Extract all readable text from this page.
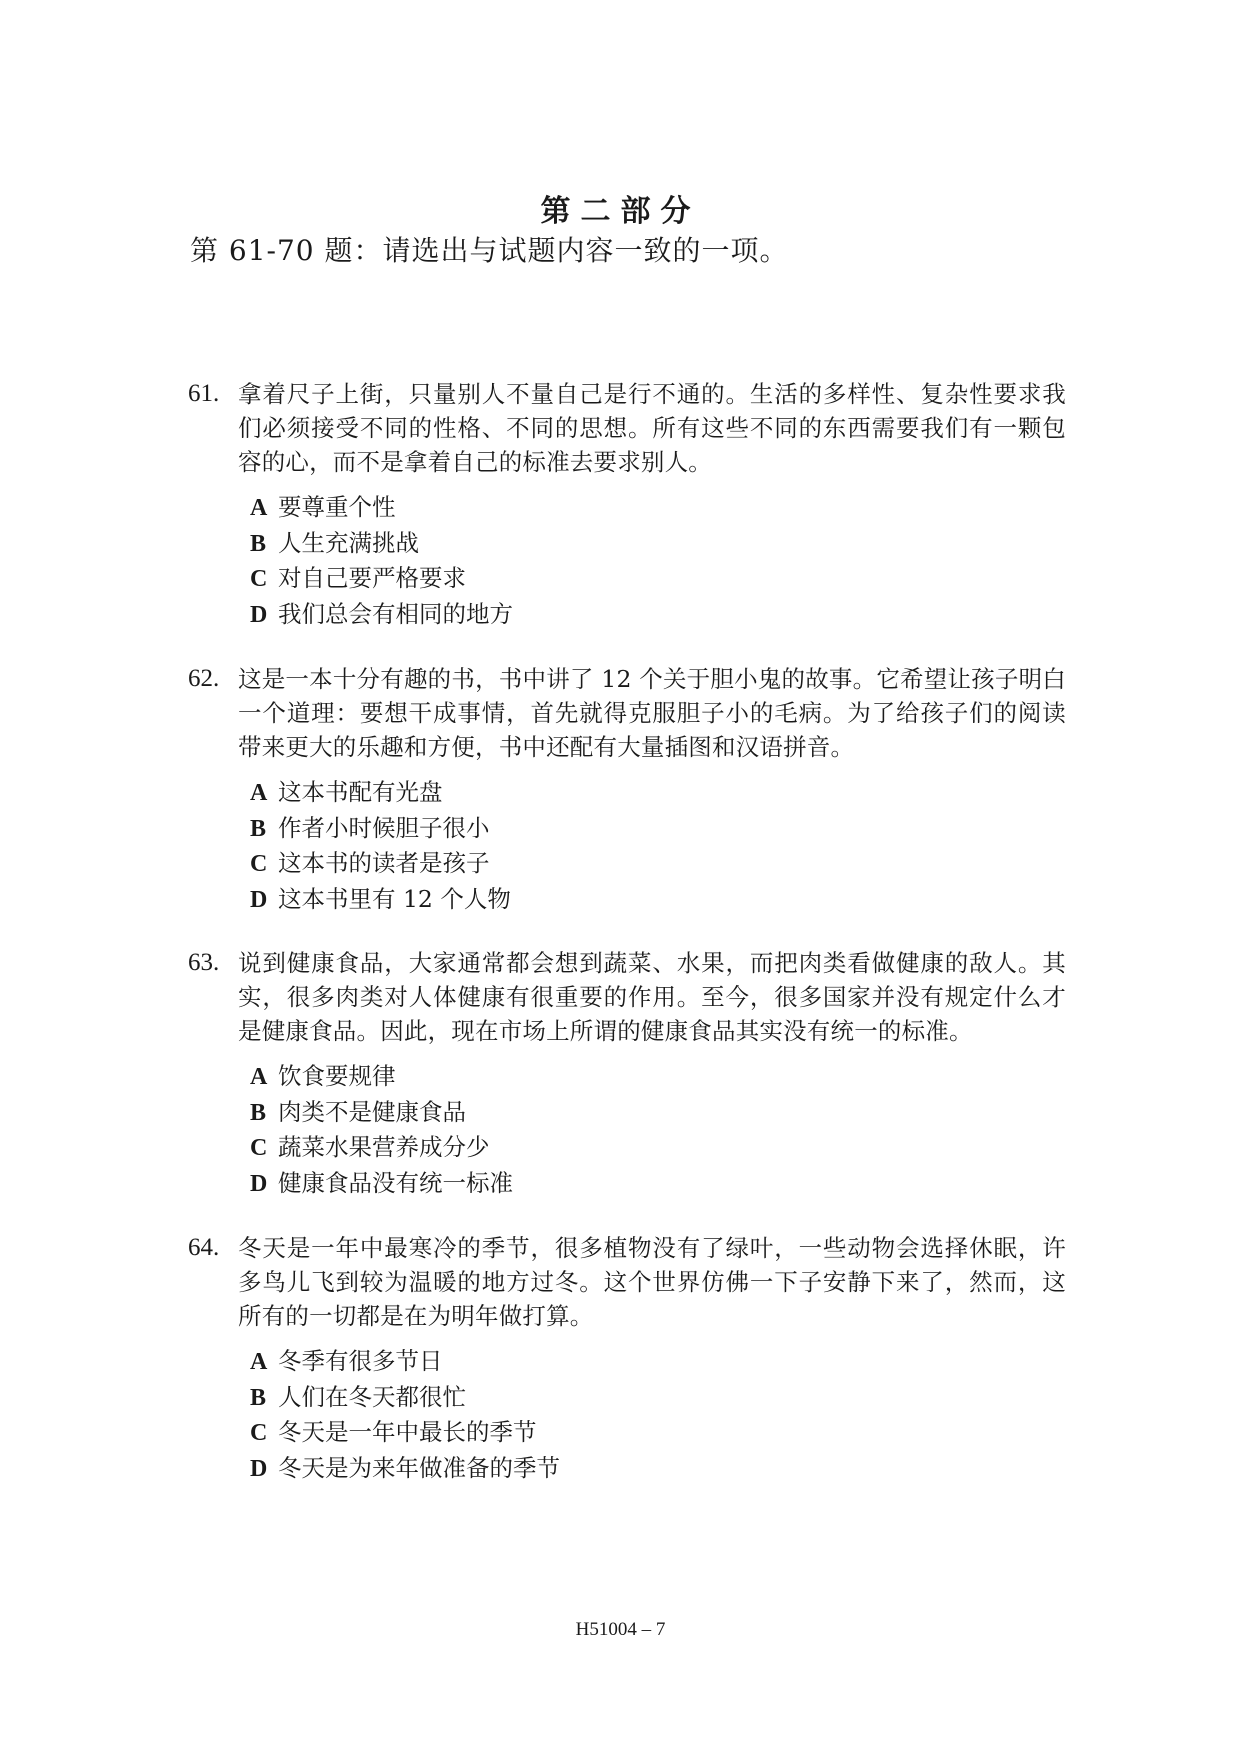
第二部分
第 61-70 题：请选出与试题内容一致的一项。
61. 拿着尺子上街，只量别人不量自己是行不通的。生活的多样性、复杂性要求我们必须接受不同的性格、不同的思想。所有这些不同的东西需要我们有一颗包容的心，而不是拿着自己的标准去要求别人。
A 要尊重个性
B 人生充满挑战
C 对自己要严格要求
D 我们总会有相同的地方
62. 这是一本十分有趣的书，书中讲了 12 个关于胆小鬼的故事。它希望让孩子明白一个道理：要想干成事情，首先就得克服胆子小的毛病。为了给孩子们的阅读带来更大的乐趣和方便，书中还配有大量插图和汉语拼音。
A 这本书配有光盘
B 作者小时候胆子很小
C 这本书的读者是孩子
D 这本书里有 12 个人物
63. 说到健康食品，大家通常都会想到蔬菜、水果，而把肉类看做健康的敌人。其实，很多肉类对人体健康有很重要的作用。至今，很多国家并没有规定什么才是健康食品。因此，现在市场上所谓的健康食品其实没有统一的标准。
A 饮食要规律
B 肉类不是健康食品
C 蔬菜水果营养成分少
D 健康食品没有统一标准
64. 冬天是一年中最寒冷的季节，很多植物没有了绿叶，一些动物会选择休眠，许多鸟儿飞到较为温暖的地方过冬。这个世界仿佛一下子安静下来了，然而，这所有的一切都是在为明年做打算。
A 冬季有很多节日
B 人们在冬天都很忙
C 冬天是一年中最长的季节
D 冬天是为来年做准备的季节
H51004 – 7
